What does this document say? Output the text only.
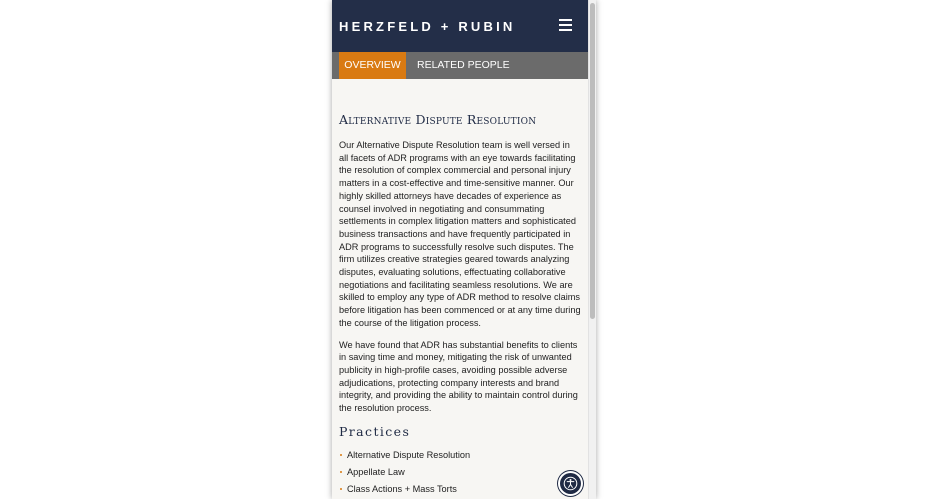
HERZFELD + RUBIN
OVERVIEW	RELATED PEOPLE
Alternative Dispute Resolution

Our Alternative Dispute Resolution team is well versed in all facets of ADR programs with an eye towards facilitating the resolution of complex commercial and personal injury matters in a cost-effective and time-sensitive manner. Our highly skilled attorneys have decades of experience as counsel involved in negotiating and consummating settlements in complex litigation matters and sophisticated business transactions and have frequently participated in ADR programs to successfully resolve such disputes. The firm utilizes creative strategies geared towards analyzing disputes, evaluating solutions, effectuating collaborative negotiations and facilitating seamless resolutions. We are skilled to employ any type of ADR method to resolve claims before litigation has been commenced or at any time during the course of the litigation process.

We have found that ADR has substantial benefits to clients in saving time and money, mitigating the risk of unwanted publicity in high-profile cases, avoiding possible adverse adjudications, protecting company interests and brand integrity, and providing the ability to maintain control during the resolution process.

Practices
Alternative Dispute Resolution
Appellate Law
Class Actions + Mass Torts
